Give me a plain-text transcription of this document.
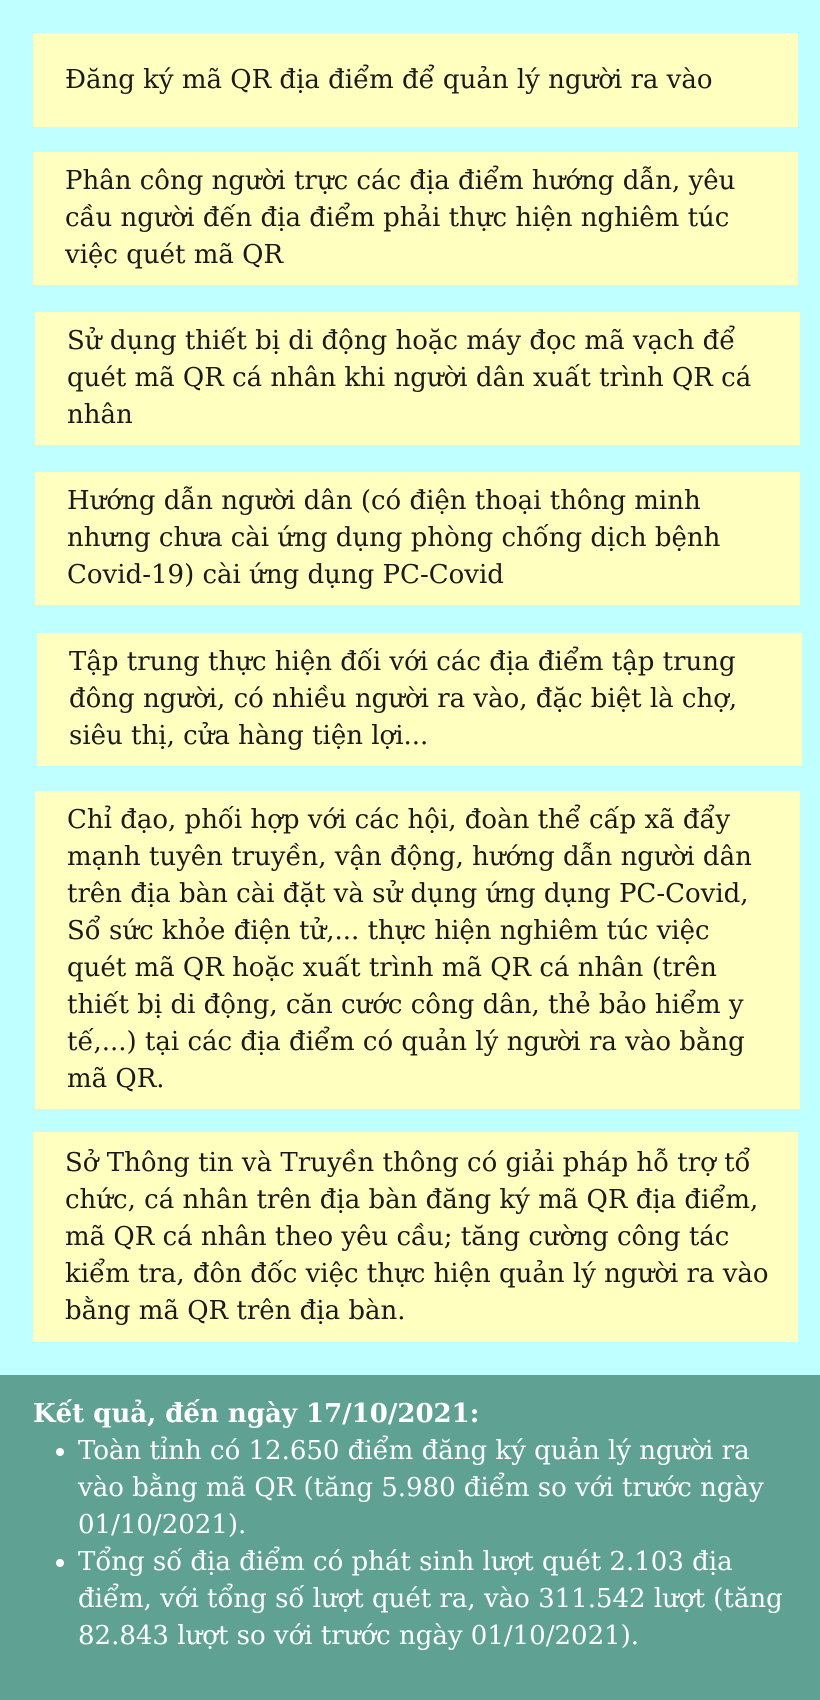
Đăng ký mã QR địa điểm để quản lý người ra vào
Phân công người trực các địa điểm hướng dẫn, yêu cầu người đến địa điểm phải thực hiện nghiêm túc việc quét mã QR
Sử dụng thiết bị di động hoặc máy đọc mã vạch để quét mã QR cá nhân khi người dân xuất trình QR cá nhân
Hướng dẫn người dân (có điện thoại thông minh nhưng chưa cài ứng dụng phòng chống dịch bệnh Covid-19) cài ứng dụng PC-Covid
Tập trung thực hiện đối với các địa điểm tập trung đông người, có nhiều người ra vào, đặc biệt là chợ, siêu thị, cửa hàng tiện lợi...
Chỉ đạo, phối hợp với các hội, đoàn thể cấp xã đẩy mạnh tuyên truyền, vận động, hướng dẫn người dân trên địa bàn cài đặt và sử dụng ứng dụng PC-Covid, Sổ sức khỏe điện tử,... thực hiện nghiêm túc việc quét mã QR hoặc xuất trình mã QR cá nhân (trên thiết bị di động, căn cước công dân, thẻ bảo hiểm y tế,...) tại các địa điểm có quản lý người ra vào bằng mã QR.
Sở Thông tin và Truyền thông có giải pháp hỗ trợ tổ chức, cá nhân trên địa bàn đăng ký mã QR địa điểm, mã QR cá nhân theo yêu cầu; tăng cường công tác kiểm tra, đôn đốc việc thực hiện quản lý người ra vào bằng mã QR trên địa bàn.
Kết quả, đến ngày 17/10/2021:
• Toàn tỉnh có 12.650 điểm đăng ký quản lý người ra vào bằng mã QR (tăng 5.980 điểm so với trước ngày 01/10/2021).
• Tổng số địa điểm có phát sinh lượt quét 2.103 địa điểm, với tổng số lượt quét ra, vào 311.542 lượt (tăng 82.843 lượt so với trước ngày 01/10/2021).
